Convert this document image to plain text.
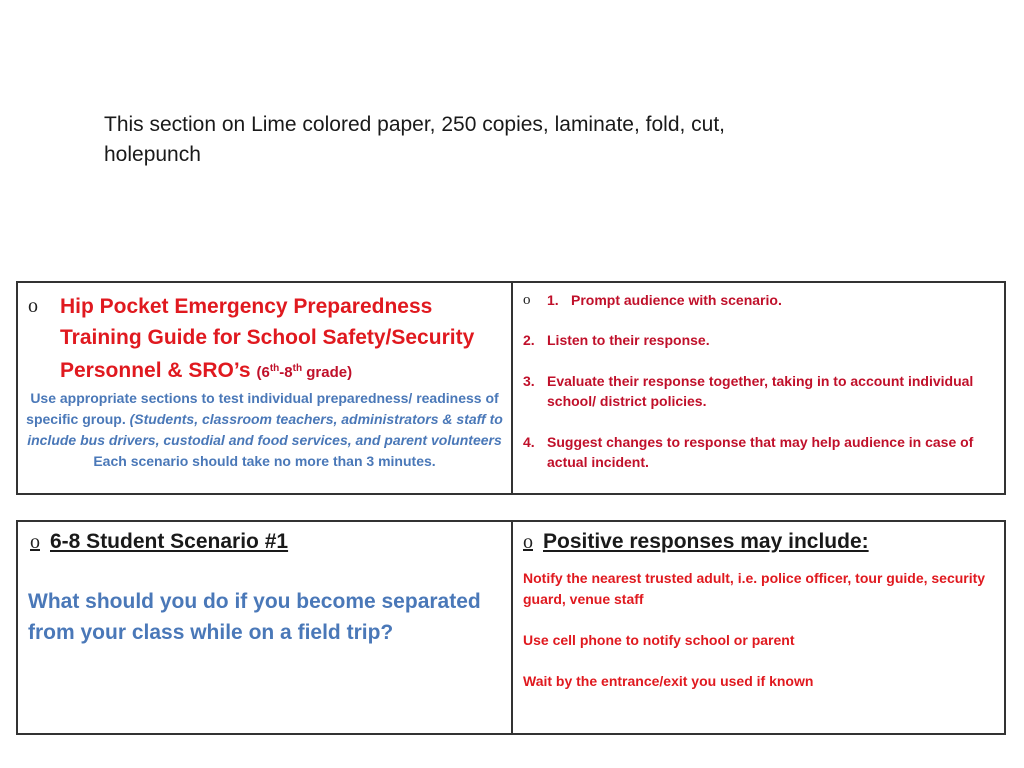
This section on Lime colored paper, 250 copies, laminate, fold, cut, holepunch
o Hip Pocket Emergency Preparedness Training Guide for School Safety/Security Personnel & SRO’s (6th-8th grade)
Use appropriate sections to test individual preparedness/ readiness of specific group. (Students, classroom teachers, administrators & staff to include bus drivers, custodial and food services, and parent volunteers
Each scenario should take no more than 3 minutes.
o	1. Prompt audience with scenario.
2. Listen to their response.
3. Evaluate their response together, taking in to account individual school/ district policies.
4. Suggest changes to response that may help audience in case of actual incident.
o 6-8 Student Scenario #1
What should you do if you become separated from your class while on a field trip?
o Positive responses may include:

Notify the nearest trusted adult, i.e. police officer, tour guide, security guard, venue staff

Use cell phone to notify school or parent

Wait by the entrance/exit you used if known
